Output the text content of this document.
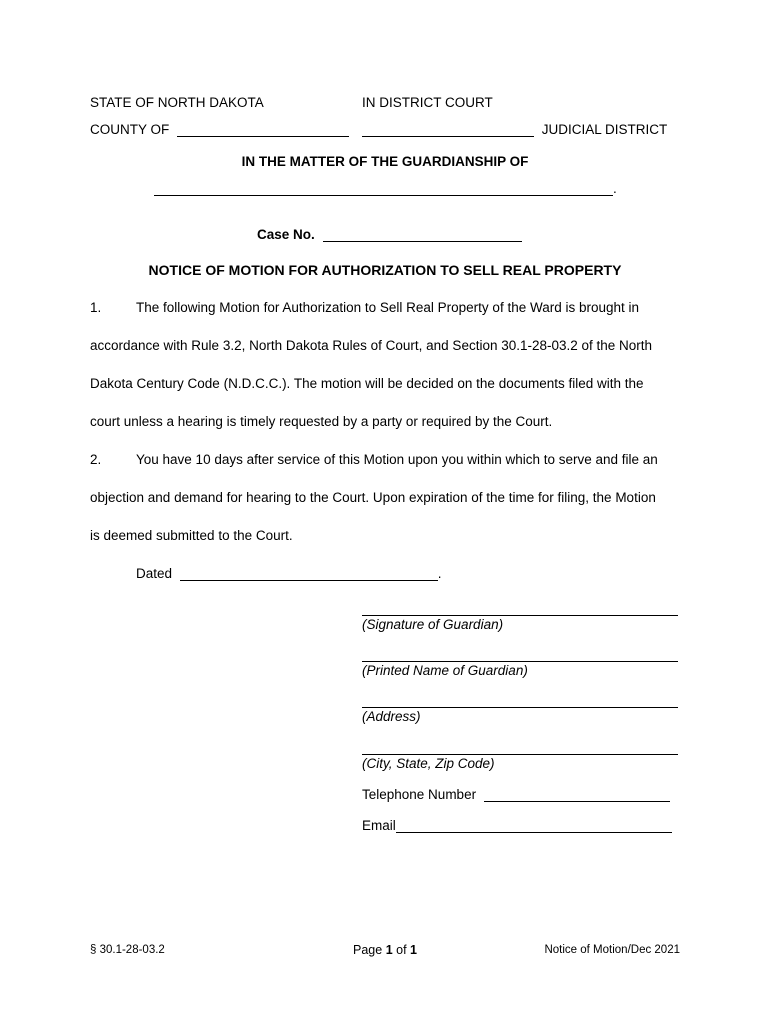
STATE OF NORTH DAKOTA	IN DISTRICT COURT
COUNTY OF	JUDICIAL DISTRICT
IN THE MATTER OF THE GUARDIANSHIP OF
.
Case No.
NOTICE OF MOTION FOR AUTHORIZATION TO SELL REAL PROPERTY
1.	The following Motion for Authorization to Sell Real Property of the Ward is brought in
accordance with Rule 3.2, North Dakota Rules of Court, and Section 30.1-28-03.2 of the North
Dakota Century Code (N.D.C.C.). The motion will be decided on the documents filed with the
court unless a hearing is timely requested by a party or required by the Court.
2.	You have 10 days after service of this Motion upon you within which to serve and file an
objection and demand for hearing to the Court. Upon expiration of the time for filing, the Motion
is deemed submitted to the Court.
Dated	.
(Signature of Guardian)
(Printed Name of Guardian)
(Address)
(City, State, Zip Code)
Telephone Number
Email
§ 30.1-28-03.2	Page 1 of 1	Notice of Motion/Dec 2021
